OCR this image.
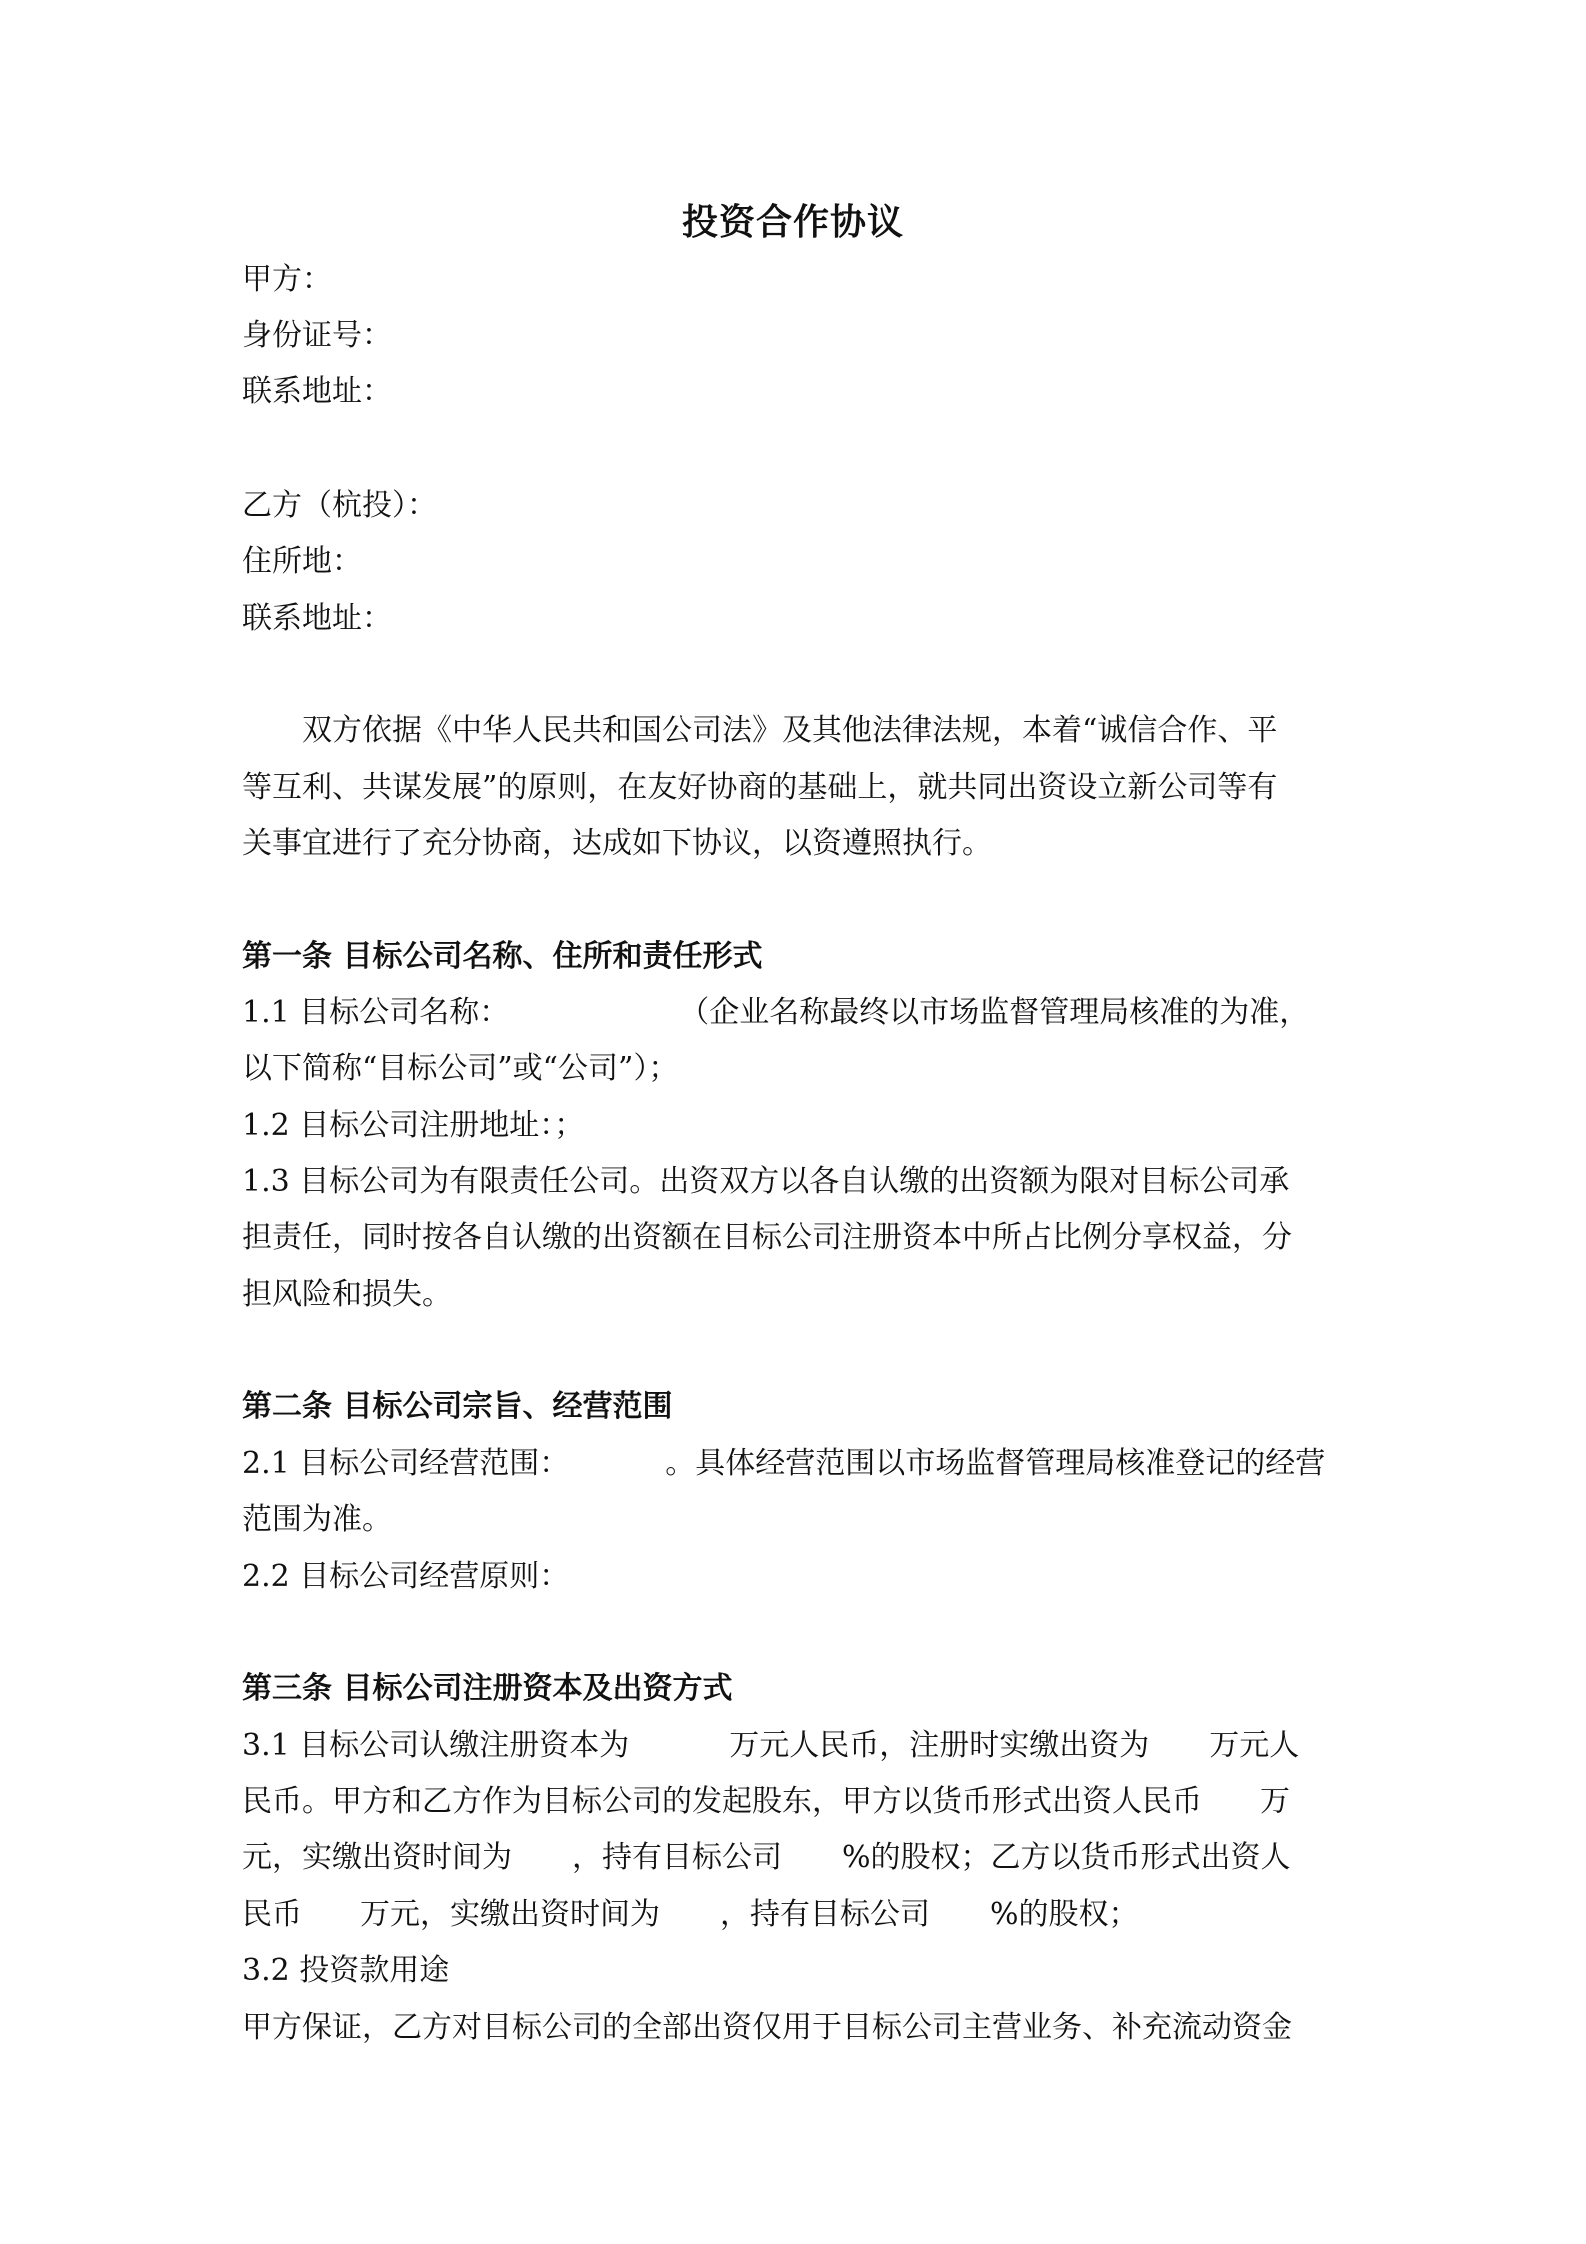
投资合作协议
甲方：
身份证号：
联系地址：
乙方（杭投）：
住所地：
联系地址：
双方依据《中华人民共和国公司法》及其他法律法规，本着“诚信合作、平
等互利、共谋发展”的原则，在友好协商的基础上，就共同出资设立新公司等有
关事宜进行了充分协商，达成如下协议，以资遵照执行。
第一条 目标公司名称、住所和责任形式
1.1 目标公司名称：	（企业名称最终以市场监督管理局核准的为准，
以下简称“目标公司”或“公司”）；
1.2 目标公司注册地址：；
1.3 目标公司为有限责任公司。出资双方以各自认缴的出资额为限对目标公司承
担责任，同时按各自认缴的出资额在目标公司注册资本中所占比例分享权益，分
担风险和损失。
第二条 目标公司宗旨、经营范围
2.1 目标公司经营范围：	。具体经营范围以市场监督管理局核准登记的经营
范围为准。
2.2 目标公司经营原则：
第三条 目标公司注册资本及出资方式
3.1 目标公司认缴注册资本为	万元人民币，注册时实缴出资为 万元人
民币。甲方和乙方作为目标公司的发起股东，甲方以货币形式出资人民币 万
元，实缴出资时间为 ，持有目标公司 %的股权；乙方以货币形式出资人
民币 万元，实缴出资时间为 ，持有目标公司 %的股权；
3.2 投资款用途
甲方保证，乙方对目标公司的全部出资仅用于目标公司主营业务、补充流动资金
